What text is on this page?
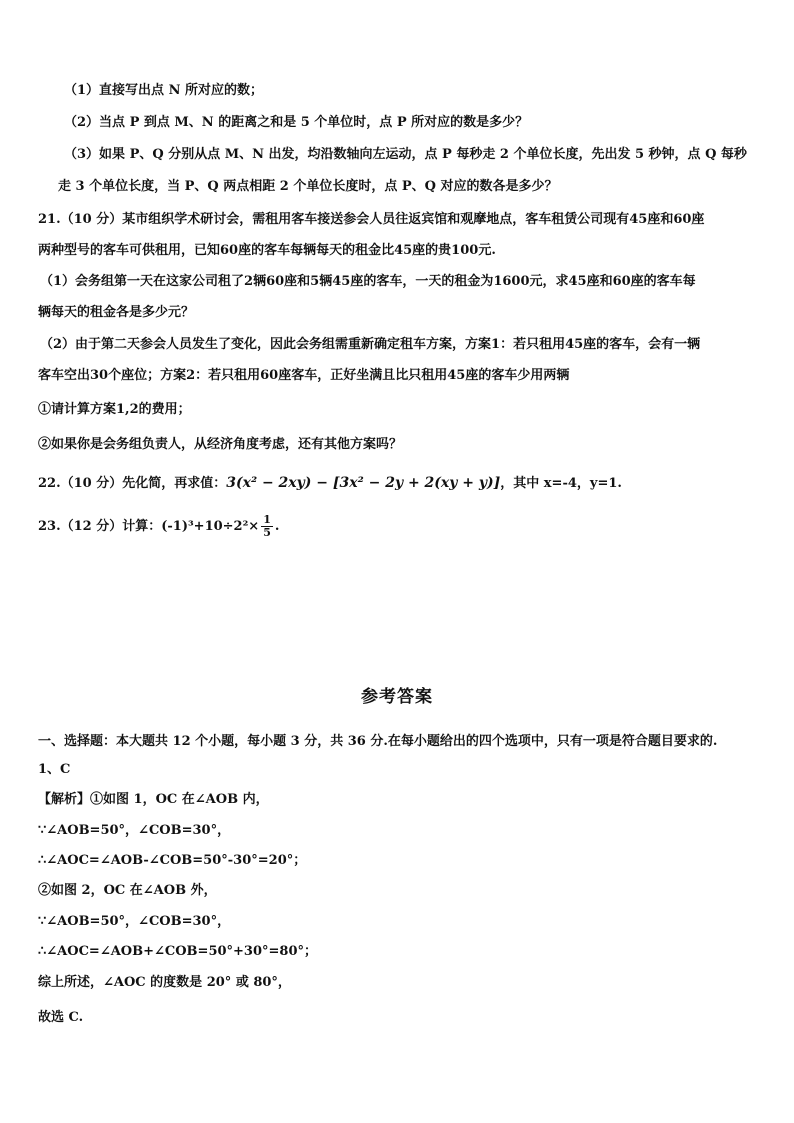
（1）直接写出点 N 所对应的数；
（2）当点 P 到点 M、N 的距离之和是 5 个单位时，点 P 所对应的数是多少？
（3）如果 P、Q 分别从点 M、N 出发，均沿数轴向左运动，点 P 每秒走 2 个单位长度，先出发 5 秒钟，点 Q 每秒
走 3 个单位长度，当 P、Q 两点相距 2 个单位长度时，点 P、Q 对应的数各是多少？
21.（10 分）某市组织学术研讨会，需租用客车接送参会人员往返宾馆和观摩地点，客车租赁公司现有45座和60座
两种型号的客车可供租用，已知60座的客车每辆每天的租金比45座的贵100元.
（1）会务组第一天在这家公司租了2辆60座和5辆45座的客车，一天的租金为1600元，求45座和60座的客车每
辆每天的租金各是多少元？
（2）由于第二天参会人员发生了变化，因此会务组需重新确定租车方案，方案1：若只租用45座的客车，会有一辆
客车空出30个座位；方案2：若只租用60座客车，正好坐满且比只租用45座的客车少用两辆
①请计算方案1,2的费用；
②如果你是会务组负责人，从经济角度考虑，还有其他方案吗？
22.（10 分）先化简，再求值：3(x² − 2xy) − [3x² − 2y + 2(xy + y)]，其中 x=-4，y=1.
23.（12 分）计算：$(-1)^3+10\div 2^2\times \frac{1}{5}$ .
参考答案
一、选择题：本大题共 12 个小题，每小题 3 分，共 36 分.在每小题给出的四个选项中，只有一项是符合题目要求的.
1、C
【解析】①如图 1，OC 在∠AOB 内，
∵∠AOB=50°，∠COB=30°，
∴∠AOC=∠AOB-∠COB=50°-30°=20°；
②如图 2，OC 在∠AOB 外，
∵∠AOB=50°，∠COB=30°，
∴∠AOC=∠AOB+∠COB=50°+30°=80°；
综上所述，∠AOC 的度数是 20° 或 80°，
故选 C.
